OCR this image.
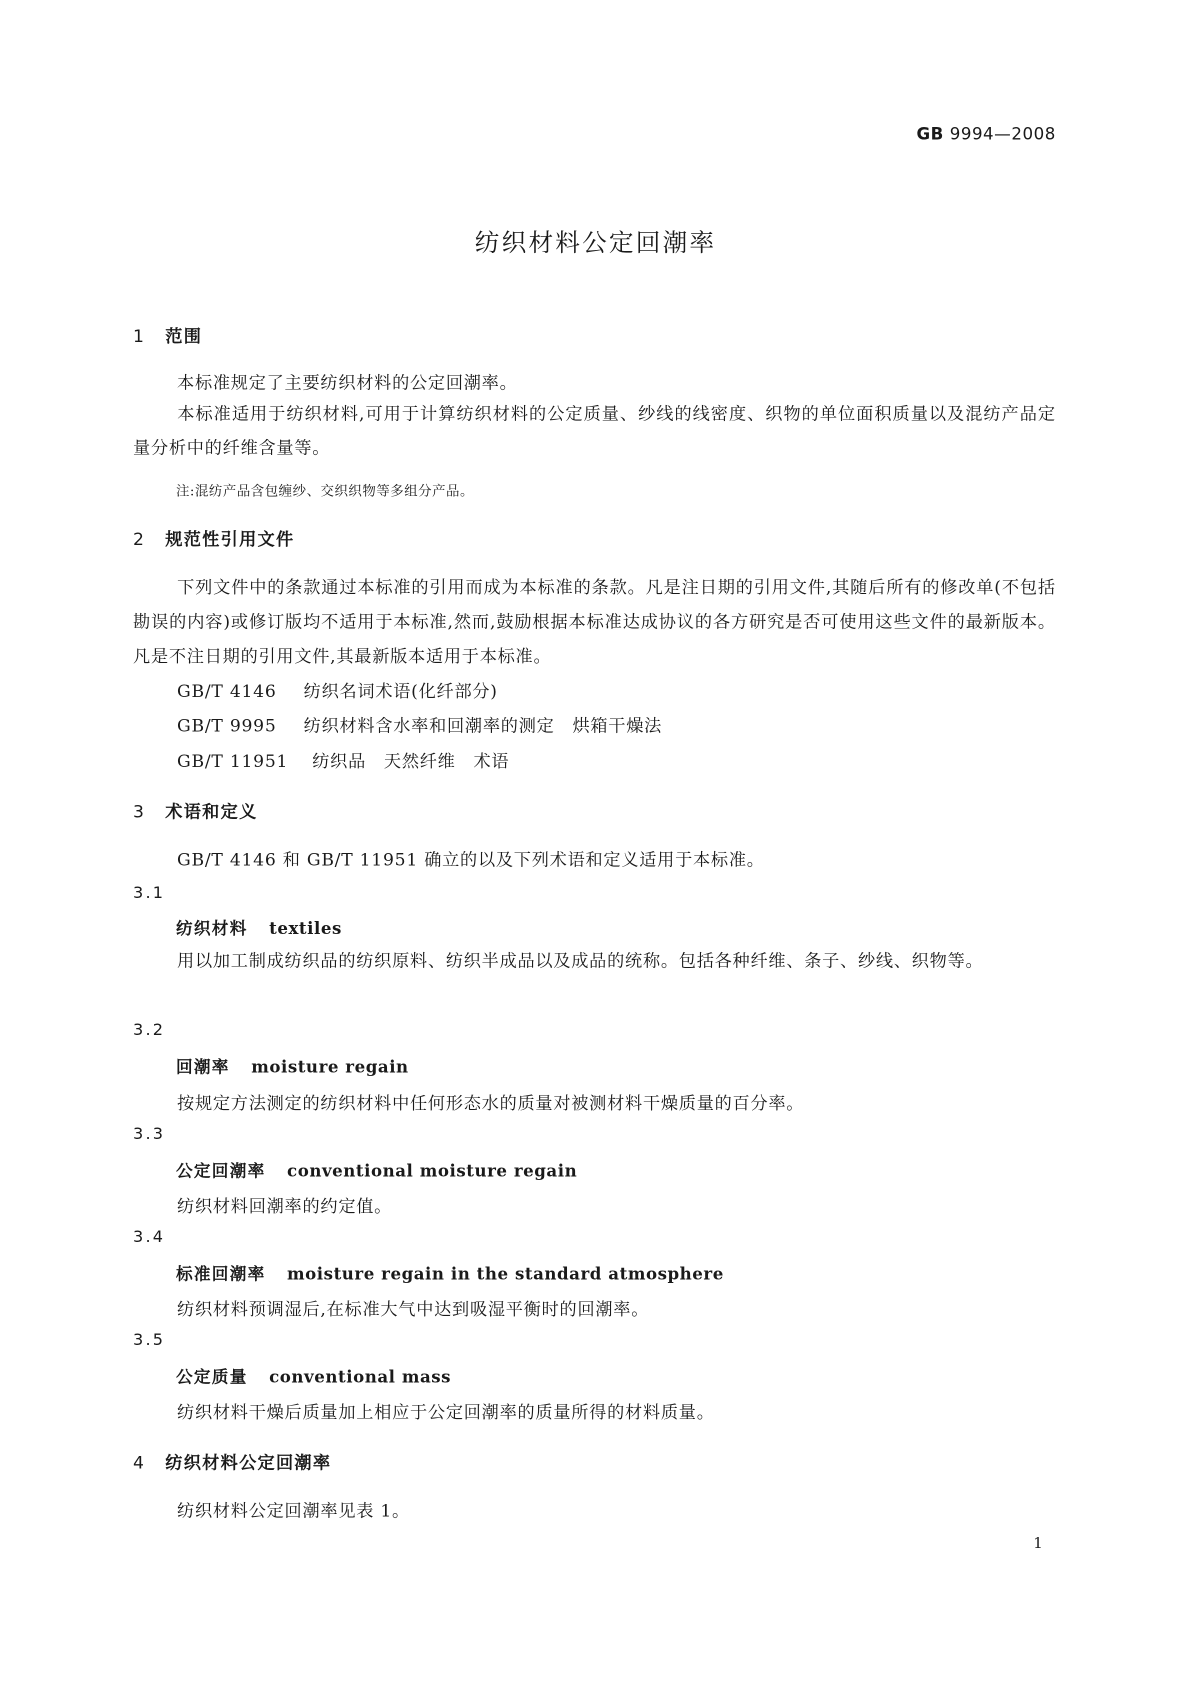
GB 9994—2008
纺织材料公定回潮率
1 范围
本标准规定了主要纺织材料的公定回潮率。
本标准适用于纺织材料,可用于计算纺织材料的公定质量、纱线的线密度、织物的单位面积质量以及混纺产品定量分析中的纤维含量等。
注:混纺产品含包缠纱、交织织物等多组分产品。
2 规范性引用文件
下列文件中的条款通过本标准的引用而成为本标准的条款。凡是注日期的引用文件,其随后所有的修改单(不包括勘误的内容)或修订版均不适用于本标准,然而,鼓励根据本标准达成协议的各方研究是否可使用这些文件的最新版本。凡是不注日期的引用文件,其最新版本适用于本标准。
GB/T 4146 纺织名词术语(化纤部分)
GB/T 9995 纺织材料含水率和回潮率的测定　烘箱干燥法
GB/T 11951 纺织品　天然纤维　术语
3 术语和定义
GB/T 4146 和 GB/T 11951 确立的以及下列术语和定义适用于本标准。
3.1
纺织材料 textiles
用以加工制成纺织品的纺织原料、纺织半成品以及成品的统称。包括各种纤维、条子、纱线、织物等。
3.2
回潮率 moisture regain
按规定方法测定的纺织材料中任何形态水的质量对被测材料干燥质量的百分率。
3.3
公定回潮率 conventional moisture regain
纺织材料回潮率的约定值。
3.4
标准回潮率 moisture regain in the standard atmosphere
纺织材料预调湿后,在标准大气中达到吸湿平衡时的回潮率。
3.5
公定质量 conventional mass
纺织材料干燥后质量加上相应于公定回潮率的质量所得的材料质量。
4 纺织材料公定回潮率
纺织材料公定回潮率见表 1。
1
